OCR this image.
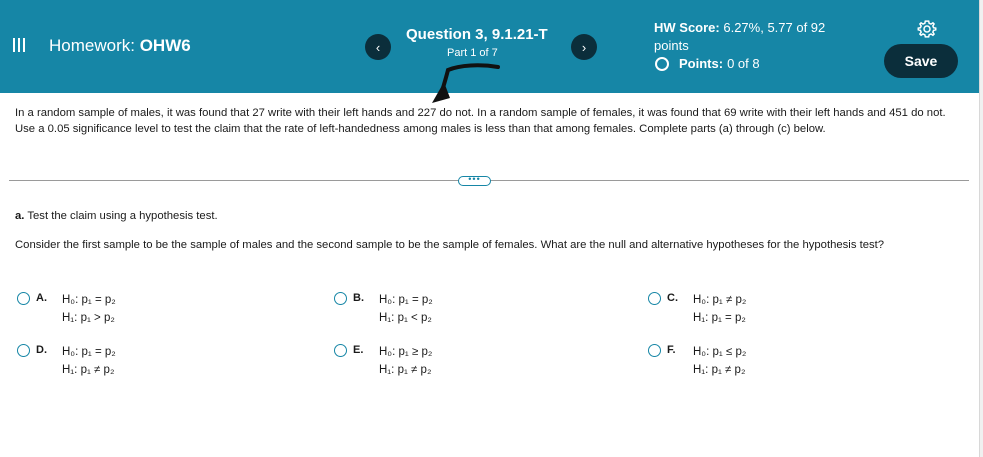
Homework: OHW6	‹
Question 3, 9.1.21-T
Part 1 of 7	›
HW Score: 6.27%, 5.77 of 92
points
Points: 0 of 8	Save
In a random sample of males, it was found that 27 write with their left hands and 227 do not. In a random sample of females, it was found that 69 write with their left hands and 451 do not. Use a 0.05 significance level to test the claim that the rate of left-handedness among males is less than that among females. Complete parts (a) through (c) below.
•••
a. Test the claim using a hypothesis test.
Consider the first sample to be the sample of males and the second sample to be the sample of females. What are the null and alternative hypotheses for the hypothesis test?
A.	H₀: p₁ = p₂
H₁: p₁ > p₂
B.	H₀: p₁ = p₂
H₁: p₁ < p₂
C.	H₀: p₁ ≠ p₂
H₁: p₁ = p₂
D.	H₀: p₁ = p₂
H₁: p₁ ≠ p₂
E.	H₀: p₁ ≥ p₂
H₁: p₁ ≠ p₂
F.	H₀: p₁ ≤ p₂
H₁: p₁ ≠ p₂
